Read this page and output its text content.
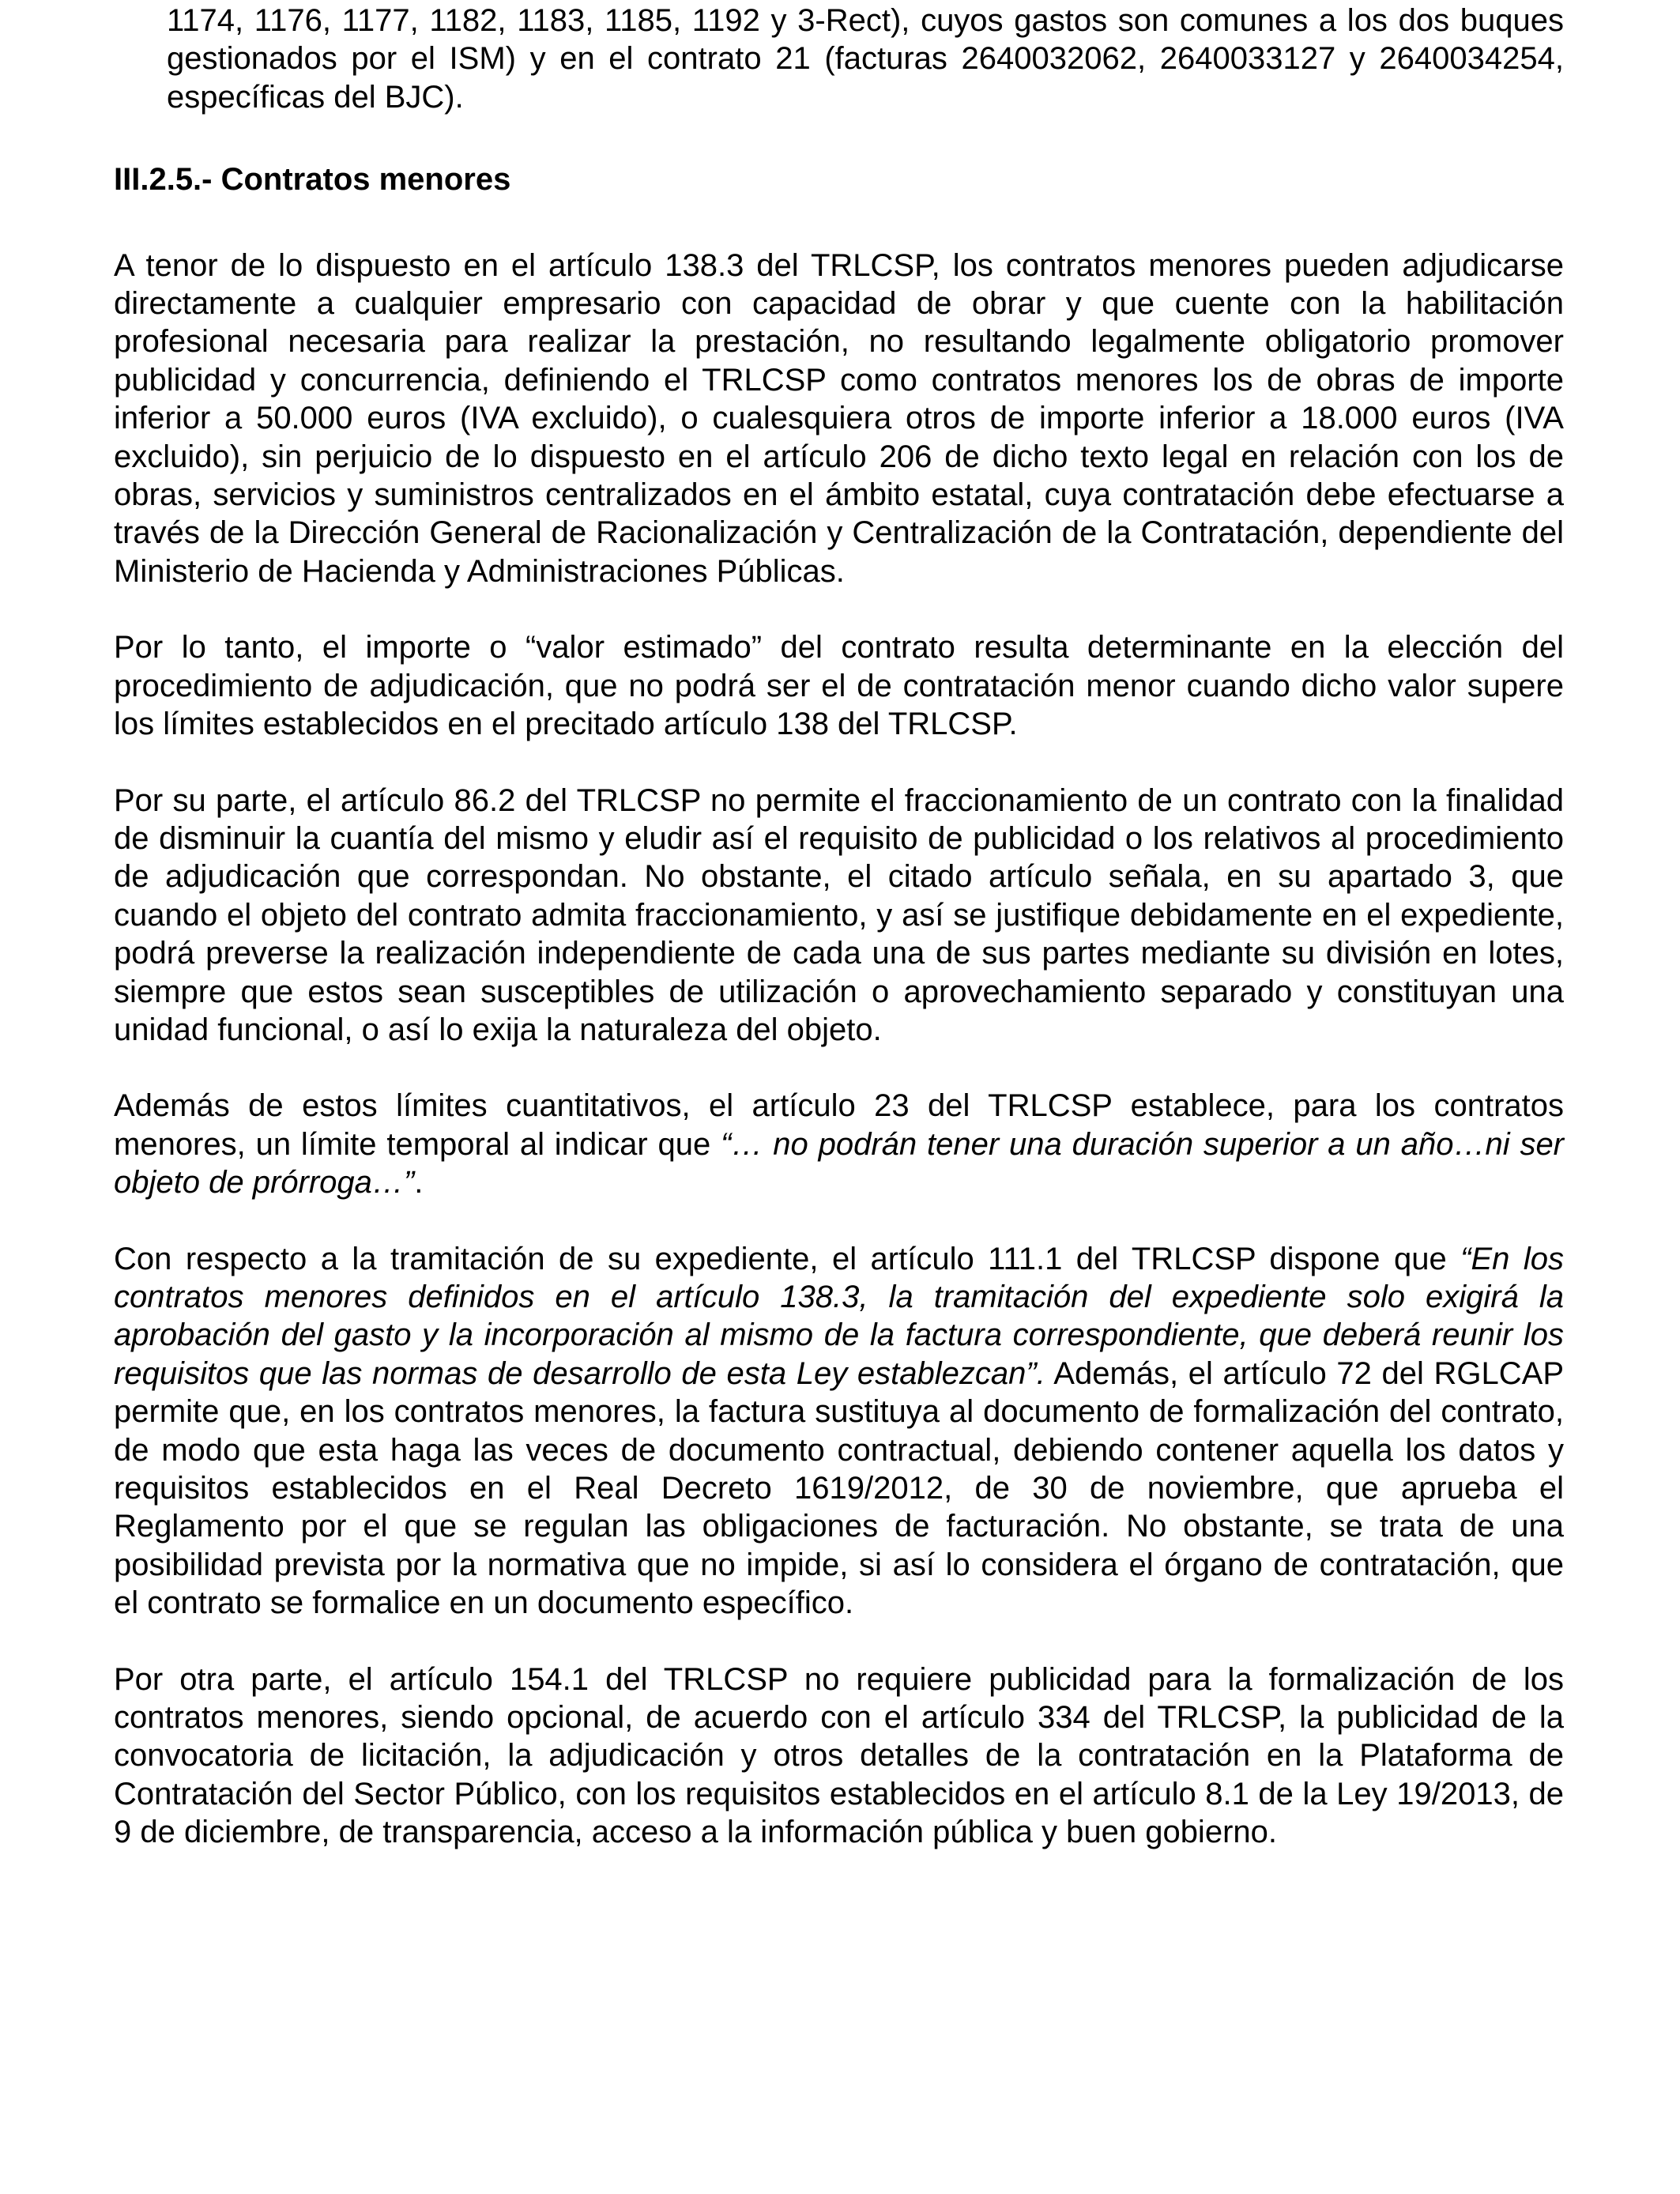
1174, 1176, 1177, 1182, 1183, 1185, 1192 y 3-Rect), cuyos gastos son comunes a los dos buques gestionados por el ISM) y en el contrato 21 (facturas 2640032062, 2640033127 y 2640034254, específicas del BJC).

III.2.5.- Contratos menores

A tenor de lo dispuesto en el artículo 138.3 del TRLCSP, los contratos menores pueden adjudicarse directamente a cualquier empresario con capacidad de obrar y que cuente con la habilitación profesional necesaria para realizar la prestación, no resultando legalmente obligatorio promover publicidad y concurrencia, definiendo el TRLCSP como contratos menores los de obras de importe inferior a 50.000 euros (IVA excluido), o cualesquiera otros de importe inferior a 18.000 euros (IVA excluido), sin perjuicio de lo dispuesto en el artículo 206 de dicho texto legal en relación con los de obras, servicios y suministros centralizados en el ámbito estatal, cuya contratación debe efectuarse a través de la Dirección General de Racionalización y Centralización de la Contratación, dependiente del Ministerio de Hacienda y Administraciones Públicas.

Por lo tanto, el importe o “valor estimado” del contrato resulta determinante en la elección del procedimiento de adjudicación, que no podrá ser el de contratación menor cuando dicho valor supere los límites establecidos en el precitado artículo 138 del TRLCSP.

Por su parte, el artículo 86.2 del TRLCSP no permite el fraccionamiento de un contrato con la finalidad de disminuir la cuantía del mismo y eludir así el requisito de publicidad o los relativos al procedimiento de adjudicación que correspondan. No obstante, el citado artículo señala, en su apartado 3, que cuando el objeto del contrato admita fraccionamiento, y así se justifique debidamente en el expediente, podrá preverse la realización independiente de cada una de sus partes mediante su división en lotes, siempre que estos sean susceptibles de utilización o aprovechamiento separado y constituyan una unidad funcional, o así lo exija la naturaleza del objeto.

Además de estos límites cuantitativos, el artículo 23 del TRLCSP establece, para los contratos menores, un límite temporal al indicar que “… no podrán tener una duración superior a un año…ni ser objeto de prórroga…”.

Con respecto a la tramitación de su expediente, el artículo 111.1 del TRLCSP dispone que “En los contratos menores definidos en el artículo 138.3, la tramitación del expediente solo exigirá la aprobación del gasto y la incorporación al mismo de la factura correspondiente, que deberá reunir los requisitos que las normas de desarrollo de esta Ley establezcan”. Además, el artículo 72 del RGLCAP permite que, en los contratos menores, la factura sustituya al documento de formalización del contrato, de modo que esta haga las veces de documento contractual, debiendo contener aquella los datos y requisitos establecidos en el Real Decreto 1619/2012, de 30 de noviembre, que aprueba el Reglamento por el que se regulan las obligaciones de facturación. No obstante, se trata de una posibilidad prevista por la normativa que no impide, si así lo considera el órgano de contratación, que el contrato se formalice en un documento específico.

Por otra parte, el artículo 154.1 del TRLCSP no requiere publicidad para la formalización de los contratos menores, siendo opcional, de acuerdo con el artículo 334 del TRLCSP, la publicidad de la convocatoria de licitación, la adjudicación y otros detalles de la contratación en la Plataforma de Contratación del Sector Público, con los requisitos establecidos en el artículo 8.1 de la Ley 19/2013, de 9 de diciembre, de transparencia, acceso a la información pública y buen gobierno.
